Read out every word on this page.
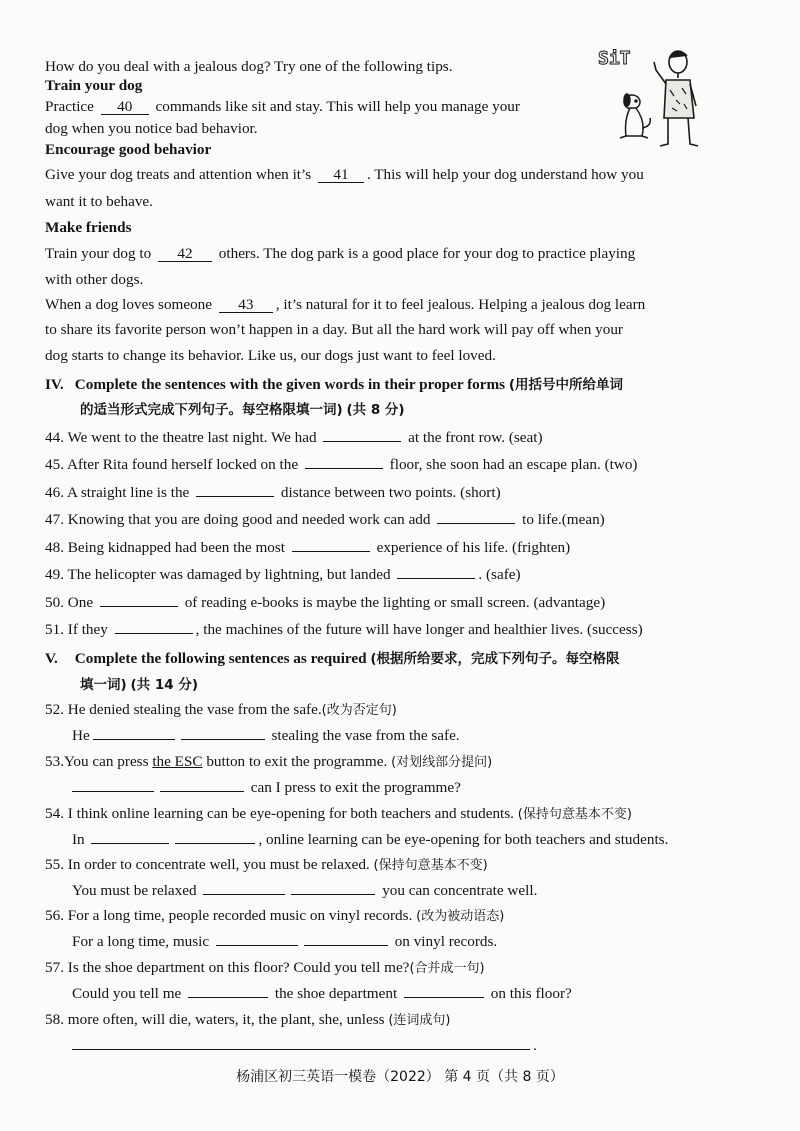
SiT
How do you deal with a jealous dog? Try one of the following tips.
Train your dog
Practice 40 commands like sit and stay. This will help you manage your
dog when you notice bad behavior.
Encourage good behavior
Give your dog treats and attention when it’s 41 . This will help your dog understand how you
want it to behave.
Make friends
Train your dog to 42 others. The dog park is a good place for your dog to practice playing
with other dogs.
When a dog loves someone 43 , it’s natural for it to feel jealous. Helping a jealous dog learn
to share its favorite person won’t happen in a day. But all the hard work will pay off when your
dog starts to change its behavior. Like us, our dogs just want to feel loved.
IV. Complete the sentences with the given words in their proper forms (用括号中所给单词
的适当形式完成下列句子。每空格限填一词) (共 8 分)
44. We went to the theatre last night. We had	at the front row. (seat)
45. After Rita found herself locked on the	floor, she soon had an escape plan. (two)
46. A straight line is the	distance between two points. (short)
47. Knowing that you are doing good and needed work can add	to life.(mean)
48. Being kidnapped had been the most	experience of his life. (frighten)
49. The helicopter was damaged by lightning, but landed	. (safe)
50. One	of reading e-books is maybe the lighting or small screen. (advantage)
51. If they	, the machines of the future will have longer and healthier lives. (success)
V. Complete the following sentences as required (根据所给要求，完成下列句子。每空格限
填一词) (共 14 分)
52. He denied stealing the vase from the safe.(改为否定句)
He	stealing the vase from the safe.
53.You can press the ESC button to exit the programme. (对划线部分提问)
can I press to exit the programme?
54. I think online learning can be eye-opening for both teachers and students. (保持句意基本不变)
In	, online learning can be eye-opening for both teachers and students.
55. In order to concentrate well, you must be relaxed. (保持句意基本不变)
You must be relaxed	you can concentrate well.
56. For a long time, people recorded music on vinyl records. (改为被动语态)
For a long time, music	on vinyl records.
57. Is the shoe department on this floor? Could you tell me?(合并成一句)
Could you tell me	the shoe department	on this floor?
58. more often, will die, waters, it, the plant, she, unless (连词成句)
.
杨浦区初三英语一模卷（2022） 第 4 页（共 8 页）
